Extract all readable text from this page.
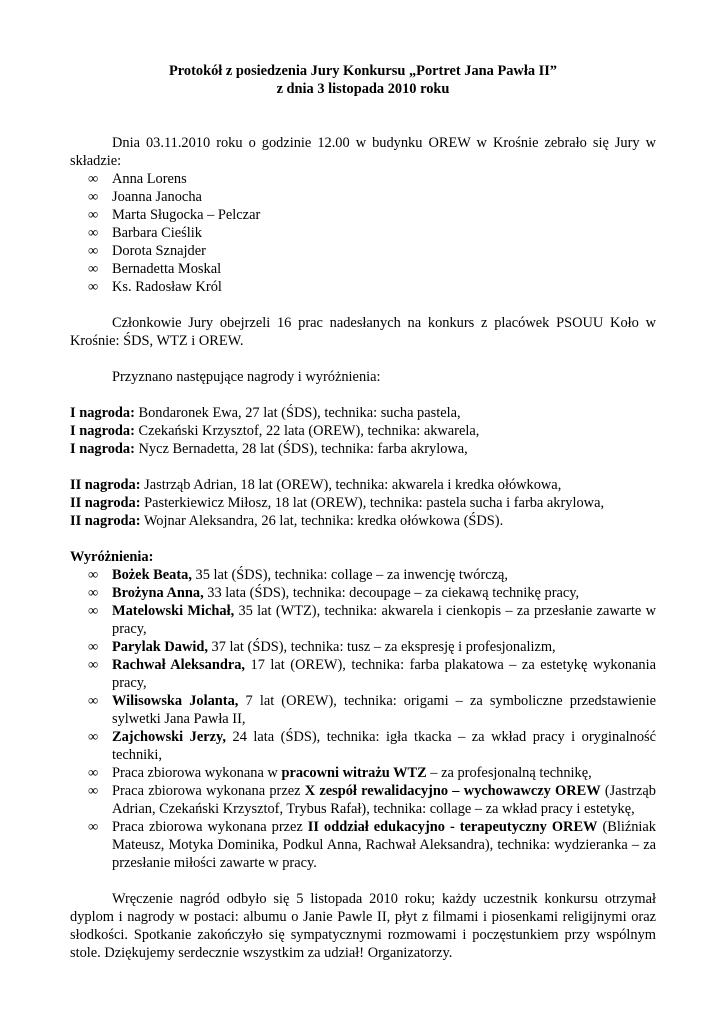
Protokół z posiedzenia Jury Konkursu „Portret Jana Pawła II”

z dnia 3 listopada 2010 roku

Dnia 03.11.2010 roku o godzinie 12.00 w budynku OREW w Krośnie zebrało się Jury w składzie:

∞ Anna Lorens
∞ Joanna Janocha
∞ Marta Sługocka – Pelczar
∞ Barbara Cieślik
∞ Dorota Sznajder
∞ Bernadetta Moskal
∞ Ks. Radosław Król

Członkowie Jury obejrzeli 16 prac nadesłanych na konkurs z placówek PSOUU Koło w Krośnie: ŚDS, WTZ i OREW.

Przyznano następujące nagrody i wyróżnienia:

I nagroda: Bondaronek Ewa, 27 lat (ŚDS), technika: sucha pastela,

I nagroda: Czekański Krzysztof, 22 lata (OREW), technika: akwarela,

I nagroda: Nycz Bernadetta, 28 lat (ŚDS), technika: farba akrylowa,

II nagroda: Jastrząb Adrian, 18 lat (OREW), technika: akwarela i kredka ołówkowa,

II nagroda: Pasterkiewicz Miłosz, 18 lat (OREW), technika: pastela sucha i farba akrylowa,

II nagroda: Wojnar Aleksandra, 26 lat, technika: kredka ołówkowa (ŚDS).

Wyróżnienia:

∞ Bożek Beata, 35 lat (ŚDS), technika: collage – za inwencję twórczą,
∞ Brożyna Anna, 33 lata (ŚDS), technika: decoupage – za ciekawą technikę pracy,
∞ Matelowski Michał, 35 lat (WTZ), technika: akwarela i cienkopis – za przesłanie zawarte w pracy,
∞ Parylak Dawid, 37 lat (ŚDS), technika: tusz – za ekspresję i profesjonalizm,
∞ Rachwał Aleksandra, 17 lat (OREW), technika: farba plakatowa – za estetykę wykonania pracy,
∞ Wilisowska Jolanta, 7 lat (OREW), technika: origami – za symboliczne przedstawienie sylwetki Jana Pawła II,
∞ Zajchowski Jerzy, 24 lata (ŚDS), technika: igła tkacka – za wkład pracy i oryginalność techniki,
∞ Praca zbiorowa wykonana w pracowni witrażu WTZ – za profesjonalną technikę,
∞ Praca zbiorowa wykonana przez X zespół rewalidacyjno – wychowawczy OREW (Jastrząb Adrian, Czekański Krzysztof, Trybus Rafał), technika: collage – za wkład pracy i estetykę,
∞ Praca zbiorowa wykonana przez II oddział edukacyjno - terapeutyczny OREW (Bliźniak Mateusz, Motyka Dominika, Podkul Anna, Rachwał Aleksandra), technika: wydzieranka – za przesłanie miłości zawarte w pracy.

Wręczenie nagród odbyło się 5 listopada 2010 roku; każdy uczestnik konkursu otrzymał dyplom i nagrody w postaci: albumu o Janie Pawle II, płyt z filmami i piosenkami religijnymi oraz słodkości. Spotkanie zakończyło się sympatycznymi rozmowami i poczęstunkiem przy wspólnym stole. Dziękujemy serdecznie wszystkim za udział! Organizatorzy.
